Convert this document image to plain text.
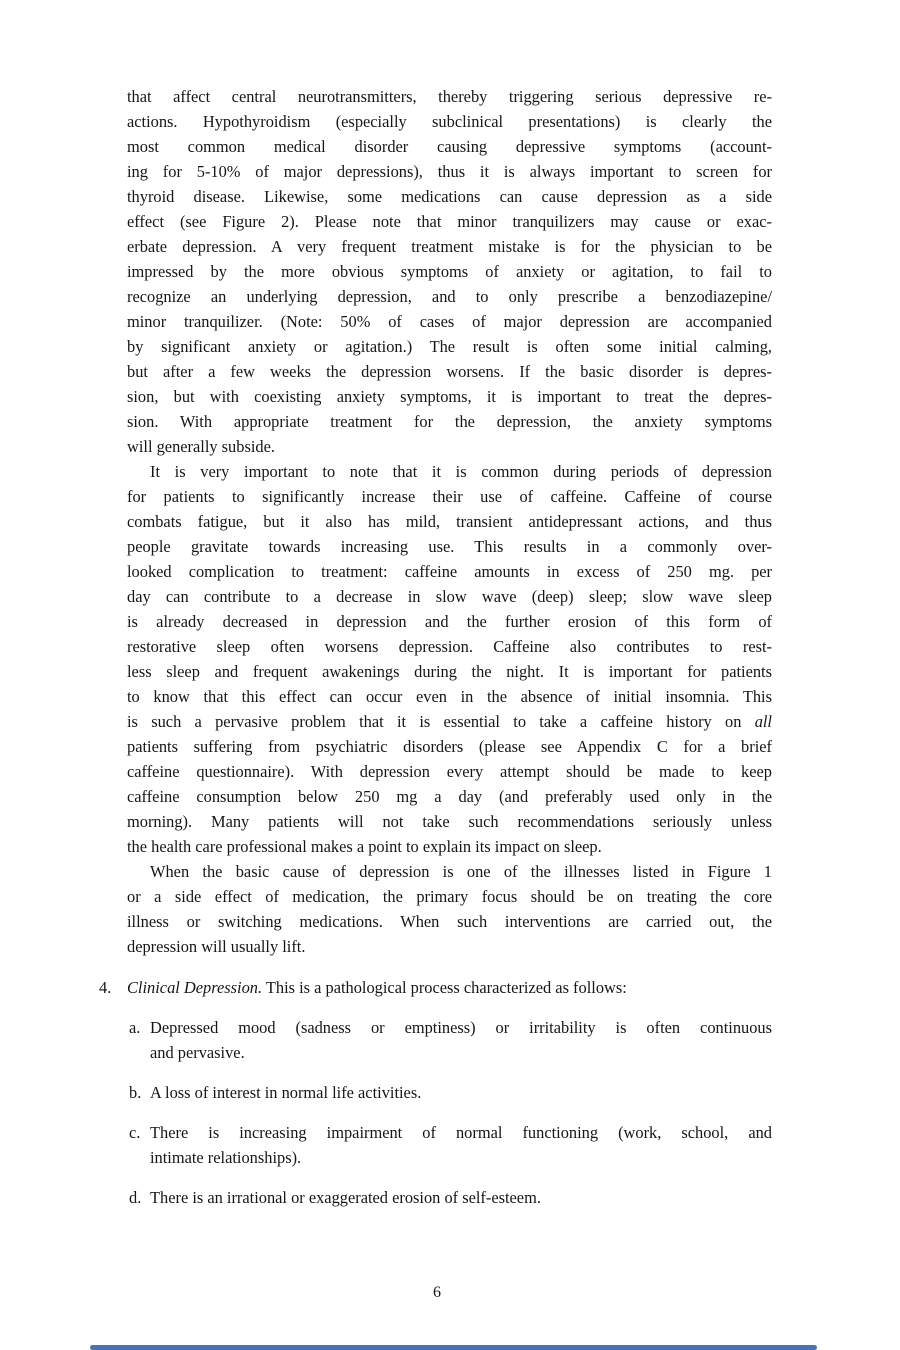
that affect central neurotransmitters, thereby triggering serious depressive re-
actions. Hypothyroidism (especially subclinical presentations) is clearly the
most common medical disorder causing depressive symptoms (account-
ing for 5-10% of major depressions), thus it is always important to screen for
thyroid disease. Likewise, some medications can cause depression as a side
effect (see Figure 2). Please note that minor tranquilizers may cause or exac-
erbate depression. A very frequent treatment mistake is for the physician to be
impressed by the more obvious symptoms of anxiety or agitation, to fail to
recognize an underlying depression, and to only prescribe a benzodiazepine/
minor tranquilizer. (Note: 50% of cases of major depression are accompanied
by significant anxiety or agitation.) The result is often some initial calming,
but after a few weeks the depression worsens. If the basic disorder is depres-
sion, but with coexisting anxiety symptoms, it is important to treat the depres-
sion. With appropriate treatment for the depression, the anxiety symptoms
will generally subside.
It is very important to note that it is common during periods of depression
for patients to significantly increase their use of caffeine. Caffeine of course
combats fatigue, but it also has mild, transient antidepressant actions, and thus
people gravitate towards increasing use. This results in a commonly over-
looked complication to treatment: caffeine amounts in excess of 250 mg. per
day can contribute to a decrease in slow wave (deep) sleep; slow wave sleep
is already decreased in depression and the further erosion of this form of
restorative sleep often worsens depression. Caffeine also contributes to rest-
less sleep and frequent awakenings during the night. It is important for patients
to know that this effect can occur even in the absence of initial insomnia. This
is such a pervasive problem that it is essential to take a caffeine history on all
patients suffering from psychiatric disorders (please see Appendix C for a brief
caffeine questionnaire). With depression every attempt should be made to keep
caffeine consumption below 250 mg a day (and preferably used only in the
morning). Many patients will not take such recommendations seriously unless
the health care professional makes a point to explain its impact on sleep.
When the basic cause of depression is one of the illnesses listed in Figure 1
or a side effect of medication, the primary focus should be on treating the core
illness or switching medications. When such interventions are carried out, the
depression will usually lift.
4. Clinical Depression. This is a pathological process characterized as follows:
a. Depressed mood (sadness or emptiness) or irritability is often continuous
and pervasive.
b. A loss of interest in normal life activities.
c. There is increasing impairment of normal functioning (work, school, and
intimate relationships).
d. There is an irrational or exaggerated erosion of self-esteem.
6
